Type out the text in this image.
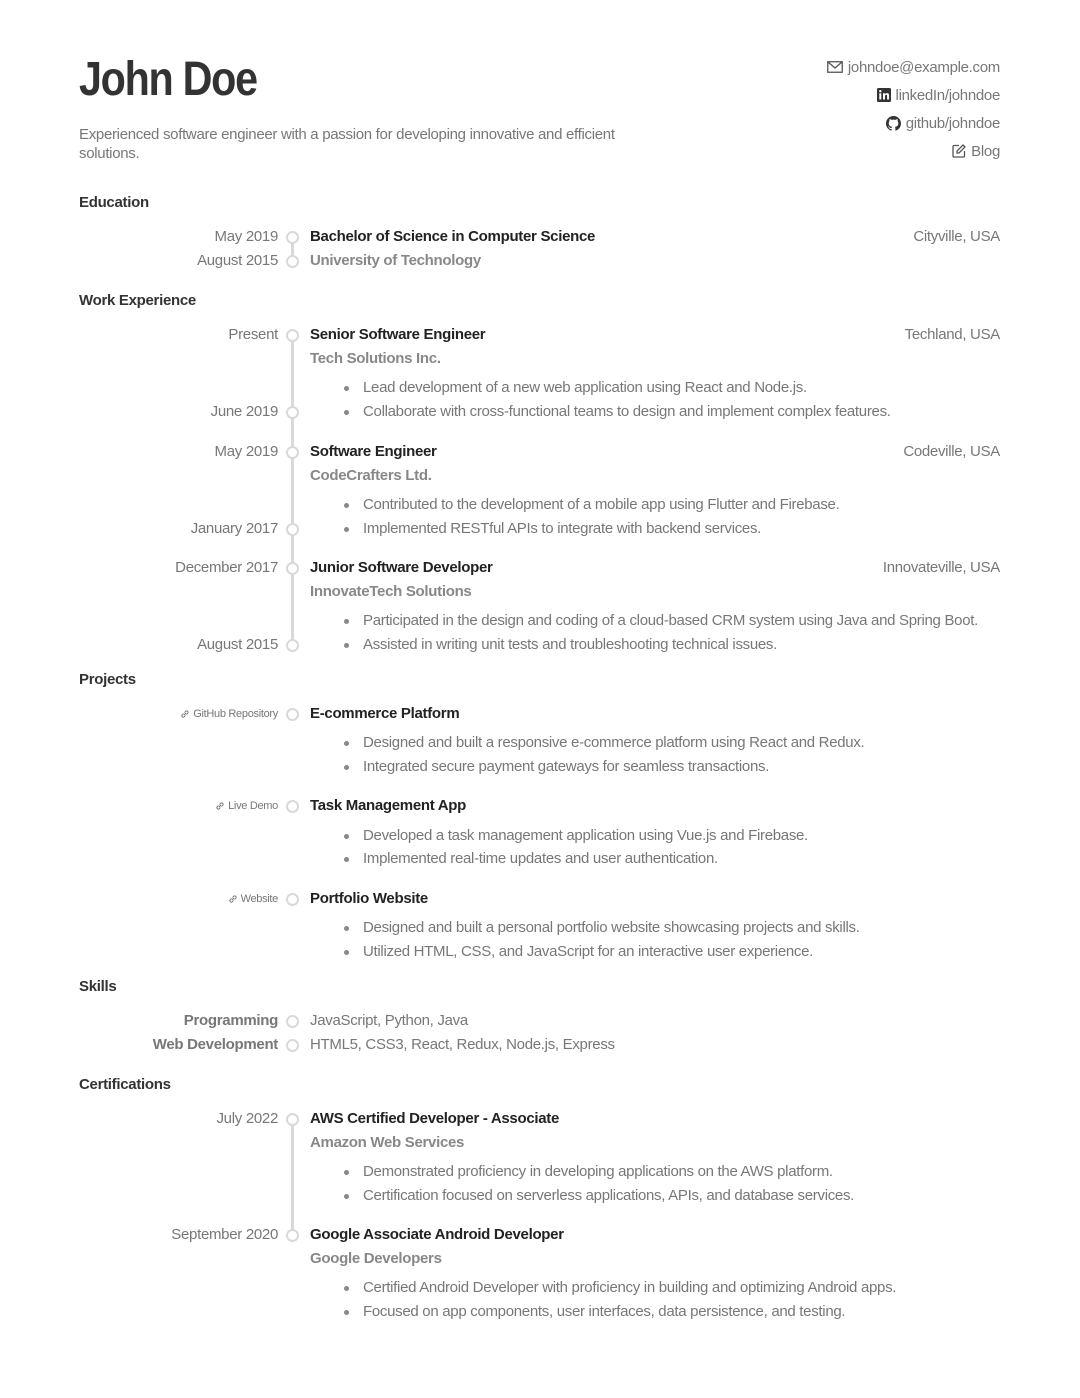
John Doe
Experienced software engineer with a passion for developing innovative and efficient solutions.
johndoe@example.com
linkedIn/johndoe
github/johndoe
Blog
Education
May 2019 Bachelor of Science in Computer Science	Cityville, USA
August 2015 University of Technology
Work Experience
Present Senior Software Engineer	Techland, USA
Tech Solutions Inc.
Lead development of a new web application using React and Node.js.
June 2019	Collaborate with cross-functional teams to design and implement complex features.
May 2019 Software Engineer	Codeville, USA
CodeCrafters Ltd.
Contributed to the development of a mobile app using Flutter and Firebase.
January 2017	Implemented RESTful APIs to integrate with backend services.
December 2017 Junior Software Developer	Innovateville, USA
InnovateTech Solutions
Participated in the design and coding of a cloud-based CRM system using Java and Spring Boot.
August 2015	Assisted in writing unit tests and troubleshooting technical issues.
Projects
GitHub Repository E-commerce Platform
Designed and built a responsive e-commerce platform using React and Redux.
Integrated secure payment gateways for seamless transactions.
Live Demo Task Management App
Developed a task management application using Vue.js and Firebase.
Implemented real-time updates and user authentication.
Website Portfolio Website
Designed and built a personal portfolio website showcasing projects and skills.
Utilized HTML, CSS, and JavaScript for an interactive user experience.
Skills
Programming JavaScript, Python, Java
Web Development HTML5, CSS3, React, Redux, Node.js, Express
Certifications
July 2022 AWS Certified Developer - Associate
Amazon Web Services
Demonstrated proficiency in developing applications on the AWS platform.
Certification focused on serverless applications, APIs, and database services.
September 2020 Google Associate Android Developer
Google Developers
Certified Android Developer with proficiency in building and optimizing Android apps.
Focused on app components, user interfaces, data persistence, and testing.
